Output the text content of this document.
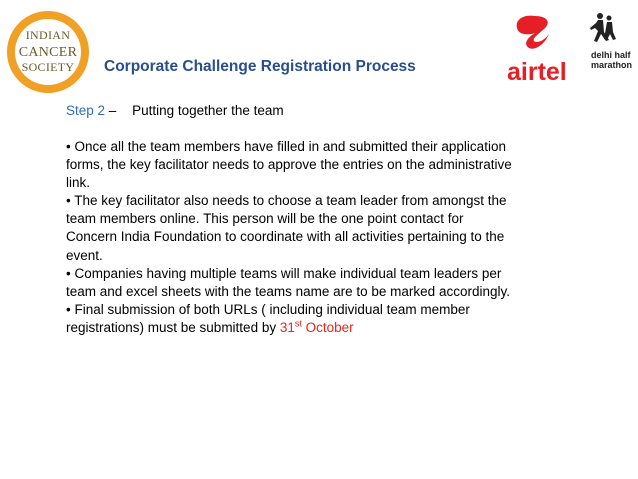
INDIAN
CANCER
SOCIETY	airtel
delhi half
marathon
Corporate Challenge Registration Process
Step 2 – Putting together the team

• Once all the team members have filled in and submitted their application forms, the key facilitator needs to approve the entries on the administrative link.

• The key facilitator also needs to choose a team leader from amongst the team members online. This person will be the one point contact for Concern India Foundation to coordinate with all activities pertaining to the event.

• Companies having multiple teams will make individual team leaders per team and excel sheets with the teams name are to be marked accordingly.

• Final submission of both URLs ( including individual team member registrations) must be submitted by 31st October
